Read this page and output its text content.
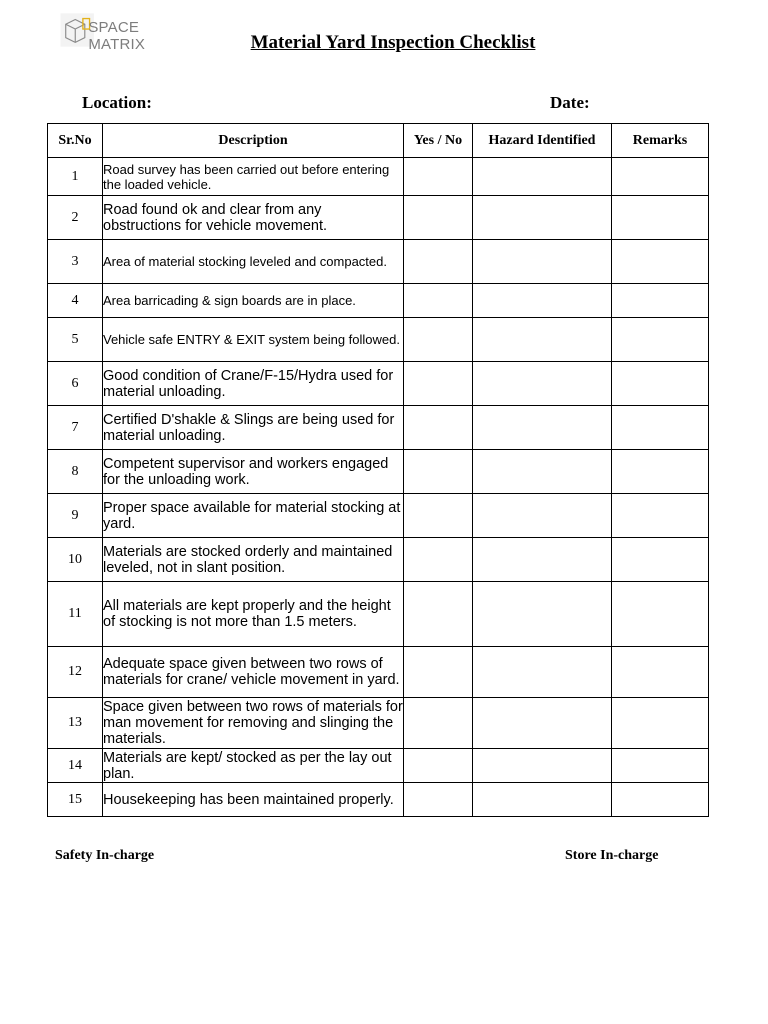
SPACE MATRIX	Material Yard Inspection Checklist
Location:	Date:
Sr.No	Description	Yes / No	Hazard Identified	Remarks
1	Road survey has been carried out before entering the loaded vehicle.			
2	Road found ok and clear from any obstructions for vehicle movement.			
3	Area of material stocking leveled and compacted.			
4	Area barricading & sign boards are in place.			
5	Vehicle safe ENTRY & EXIT system being followed.			
6	Good condition of Crane/F-15/Hydra used for material unloading.			
7	Certified D'shakle & Slings are being used for material unloading.			
8	Competent supervisor and workers engaged for the unloading work.			
9	Proper space available for material stocking at yard.			
10	Materials are stocked orderly and maintained leveled, not in slant position.			
11	All materials are kept properly and the height of stocking is not more than 1.5 meters.			
12	Adequate space given between two rows of materials for crane/ vehicle movement in yard.			
13	Space given between two rows of materials for man movement for removing and slinging the materials.			
14	Materials are kept/ stocked as per the lay out plan.			
15	Housekeeping has been maintained properly.			
Safety In-charge	Store In-charge
